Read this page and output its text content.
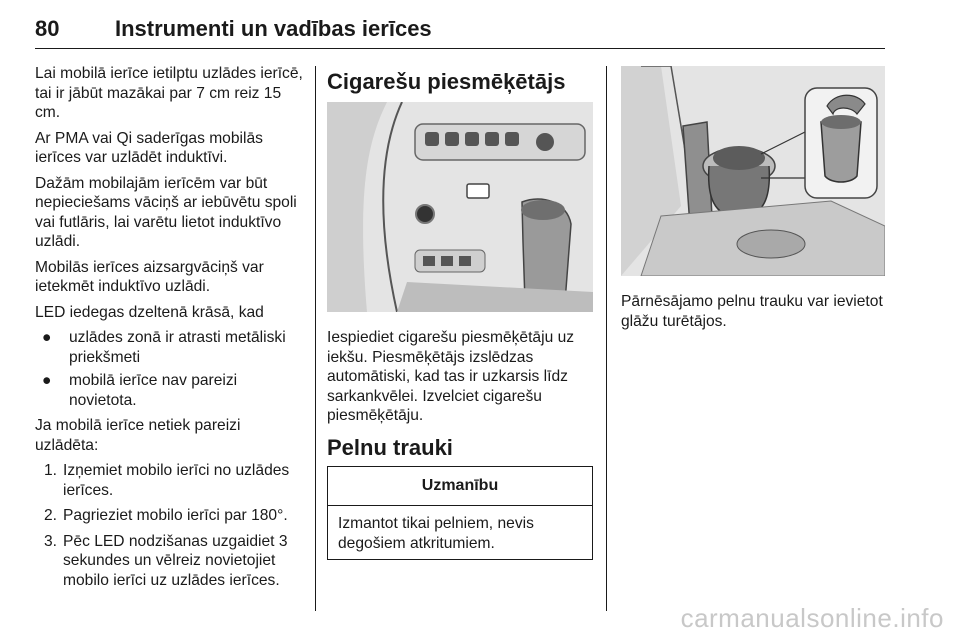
80	Instrumenti un vadības ierīces

Lai mobilā ierīce ietilptu uzlādes ierīcē, tai ir jābūt mazākai par 7 cm reiz 15 cm.

Ar PMA vai Qi saderīgas mobilās ierīces var uzlādēt induktīvi.

Dažām mobilajām ierīcēm var būt nepieciešams vāciņš ar iebūvētu spoli vai futlāris, lai varētu lietot induktīvo uzlādi.

Mobilās ierīces aizsargvāciņš var ietekmēt induktīvo uzlādi.

LED iedegas dzeltenā krāsā, kad

● uzlādes zonā ir atrasti metāliski priekšmeti
● mobilā ierīce nav pareizi novietota.

Ja mobilā ierīce netiek pareizi uzlādēta:

1. Izņemiet mobilo ierīci no uzlādes ierīces.
2. Pagrieziet mobilo ierīci par 180°.
3. Pēc LED nodzišanas uzgaidiet 3 sekundes un vēlreiz novietojiet mobilo ierīci uz uzlādes ierīces.
Cigarešu piesmēķētājs

Iespiediet cigarešu piesmēķētāju uz iekšu. Piesmēķētājs izslēdzas automātiski, kad tas ir uzkarsis līdz sarkankvēlei. Izvelciet cigarešu piesmēķētāju.

Pelnu trauki
Uzmanību
Izmantot tikai pelniem, nevis degošiem atkritumiem.

Pārnēsājamo pelnu trauku var ievietot glāžu turētājos.

carmanualsonline.info
